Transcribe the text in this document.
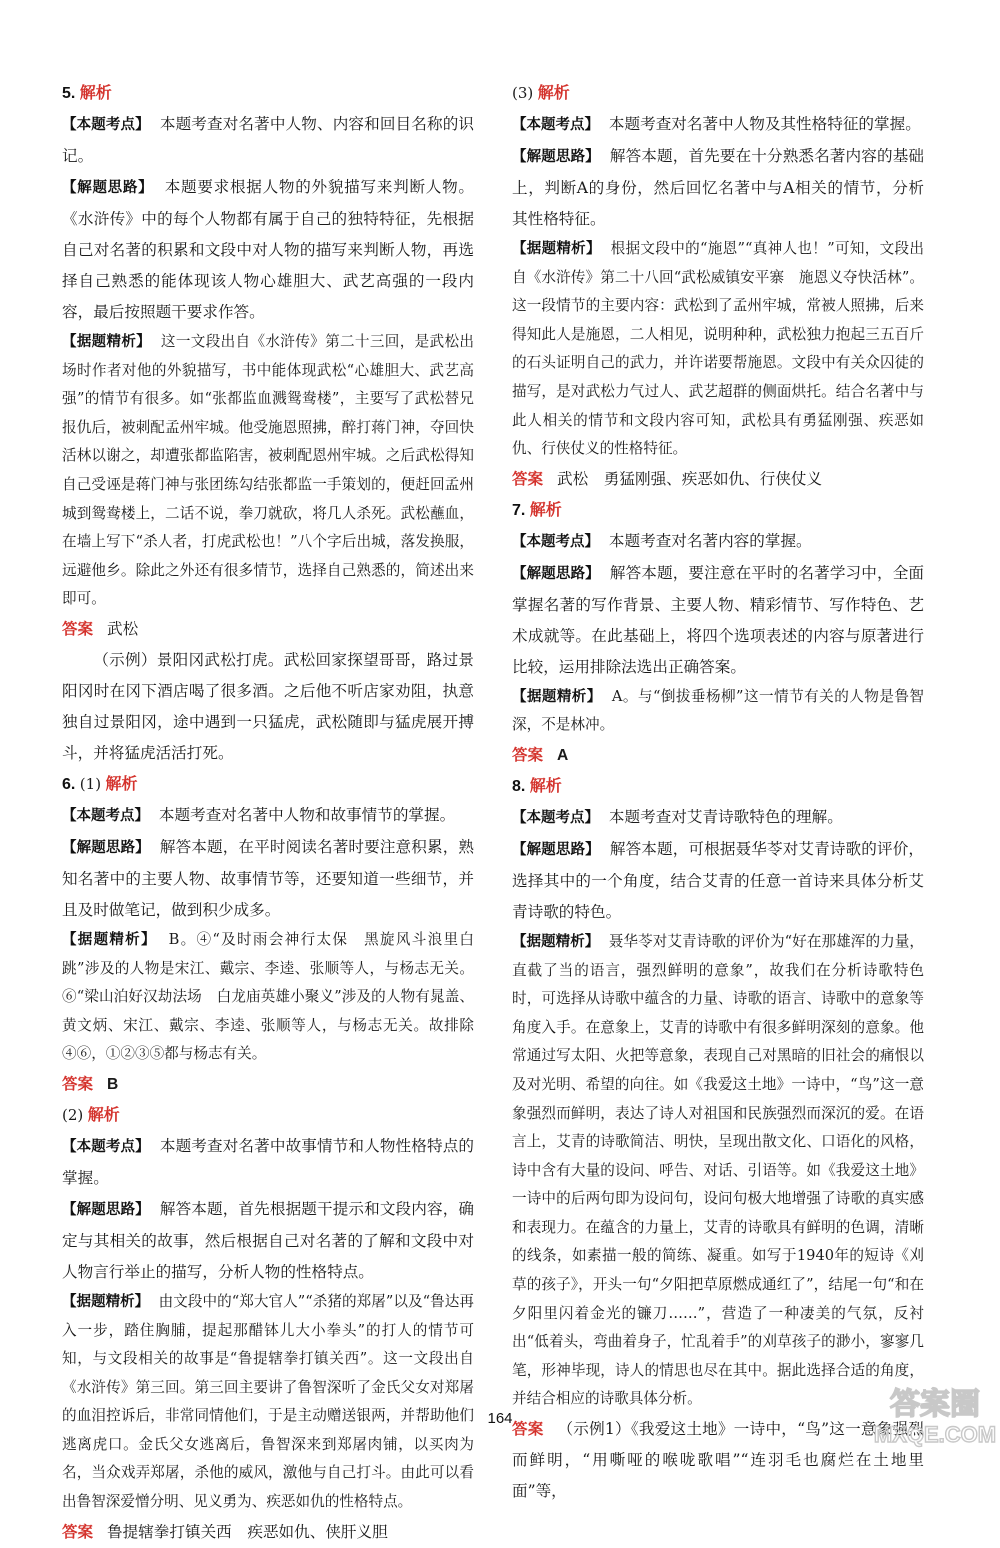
5. 解析

【本题考点】 本题考查对名著中人物、内容和回目名称的识记。

【解题思路】 本题要求根据人物的外貌描写来判断人物。《水浒传》中的每个人物都有属于自己的独特特征，先根据自己对名著的积累和文段中对人物的描写来判断人物，再选择自己熟悉的能体现该人物心雄胆大、武艺高强的一段内容，最后按照题干要求作答。

【据题精析】 这一文段出自《水浒传》第二十三回，是武松出场时作者对他的外貌描写，书中能体现武松“心雄胆大、武艺高强”的情节有很多。如“张都监血溅鸳鸯楼”，主要写了武松替兄报仇后，被刺配孟州牢城。他受施恩照拂，醉打蒋门神，夺回快活林以谢之，却遭张都监陷害，被刺配恩州牢城。之后武松得知自己受诬是蒋门神与张团练勾结张都监一手策划的，便赶回孟州城到鸳鸯楼上，二话不说，拳刀就砍，将几人杀死。武松蘸血，在墙上写下“杀人者，打虎武松也！”八个字后出城，落发换服，远避他乡。除此之外还有很多情节，选择自己熟悉的，简述出来即可。

答案 武松

（示例）景阳冈武松打虎。武松回家探望哥哥，路过景阳冈时在冈下酒店喝了很多酒。之后他不听店家劝阻，执意独自过景阳冈，途中遇到一只猛虎，武松随即与猛虎展开搏斗，并将猛虎活活打死。

6. (1) 解析

【本题考点】 本题考查对名著中人物和故事情节的掌握。

【解题思路】 解答本题，在平时阅读名著时要注意积累，熟知名著中的主要人物、故事情节等，还要知道一些细节，并且及时做笔记，做到积少成多。

【据题精析】 B。④“及时雨会神行太保　黑旋风斗浪里白跳”涉及的人物是宋江、戴宗、李逵、张顺等人，与杨志无关。⑥“梁山泊好汉劫法场　白龙庙英雄小聚义”涉及的人物有晁盖、黄文炳、宋江、戴宗、李逵、张顺等人，与杨志无关。故排除④⑥，①②③⑤都与杨志有关。

答案 B

(2) 解析

【本题考点】 本题考查对名著中故事情节和人物性格特点的掌握。

【解题思路】 解答本题，首先根据题干提示和文段内容，确定与其相关的故事，然后根据自己对名著的了解和文段中对人物言行举止的描写，分析人物的性格特点。

【据题精析】 由文段中的“郑大官人”“杀猪的郑屠”以及“鲁达再入一步，踏住胸脯，提起那醋钵儿大小拳头”的打人的情节可知，与文段相关的故事是“鲁提辖拳打镇关西”。这一文段出自《水浒传》第三回。第三回主要讲了鲁智深听了金氏父女对郑屠的血泪控诉后，非常同情他们，于是主动赠送银两，并帮助他们逃离虎口。金氏父女逃离后，鲁智深来到郑屠肉铺，以买肉为名，当众戏弄郑屠，杀他的威风，激他与自己打斗。由此可以看出鲁智深爱憎分明、见义勇为、疾恶如仇的性格特点。

答案 鲁提辖拳打镇关西　疾恶如仇、侠肝义胆

(3) 解析

【本题考点】 本题考查对名著中人物及其性格特征的掌握。

【解题思路】 解答本题，首先要在十分熟悉名著内容的基础上，判断A的身份，然后回忆名著中与A相关的情节，分析其性格特征。

【据题精析】 根据文段中的“施恩”“真神人也！”可知，文段出自《水浒传》第二十八回“武松威镇安平寨　施恩义夺快活林”。这一段情节的主要内容：武松到了孟州牢城，常被人照拂，后来得知此人是施恩，二人相见，说明种种，武松独力抱起三五百斤的石头证明自己的武力，并许诺要帮施恩。文段中有关众囚徒的描写，是对武松力气过人、武艺超群的侧面烘托。结合名著中与此人相关的情节和文段内容可知，武松具有勇猛刚强、疾恶如仇、行侠仗义的性格特征。

答案 武松　勇猛刚强、疾恶如仇、行侠仗义

7. 解析

【本题考点】 本题考查对名著内容的掌握。

【解题思路】 解答本题，要注意在平时的名著学习中，全面掌握名著的写作背景、主要人物、精彩情节、写作特色、艺术成就等。在此基础上，将四个选项表述的内容与原著进行比较，运用排除法选出正确答案。

【据题精析】 A。与“倒拔垂杨柳”这一情节有关的人物是鲁智深，不是林冲。

答案 A

8. 解析

【本题考点】 本题考查对艾青诗歌特色的理解。

【解题思路】 解答本题，可根据聂华苓对艾青诗歌的评价，选择其中的一个角度，结合艾青的任意一首诗来具体分析艾青诗歌的特色。

【据题精析】 聂华苓对艾青诗歌的评价为“好在那雄浑的力量，直截了当的语言，强烈鲜明的意象”，故我们在分析诗歌特色时，可选择从诗歌中蕴含的力量、诗歌的语言、诗歌中的意象等角度入手。在意象上，艾青的诗歌中有很多鲜明深刻的意象。他常通过写太阳、火把等意象，表现自己对黑暗的旧社会的痛恨以及对光明、希望的向往。如《我爱这土地》一诗中，“鸟”这一意象强烈而鲜明，表达了诗人对祖国和民族强烈而深沉的爱。在语言上，艾青的诗歌简洁、明快，呈现出散文化、口语化的风格，诗中含有大量的设问、呼告、对话、引语等。如《我爱这土地》一诗中的后两句即为设问句，设问句极大地增强了诗歌的真实感和表现力。在蕴含的力量上，艾青的诗歌具有鲜明的色调，清晰的线条，如素描一般的简练、凝重。如写于1940年的短诗《刈草的孩子》，开头一句“夕阳把草原燃成通红了”，结尾一句“和在夕阳里闪着金光的镰刀……”，营造了一种凄美的气氛，反衬出“低着头，弯曲着身子，忙乱着手”的刈草孩子的渺小，寥寥几笔，形神毕现，诗人的情思也尽在其中。据此选择合适的角度，并结合相应的诗歌具体分析。

答案 （示例1）《我爱这土地》一诗中，“鸟”这一意象强烈而鲜明，“用嘶哑的喉咙歌唱”“连羽毛也腐烂在土地里面”等，

164	答案圈
MXQE.COM
